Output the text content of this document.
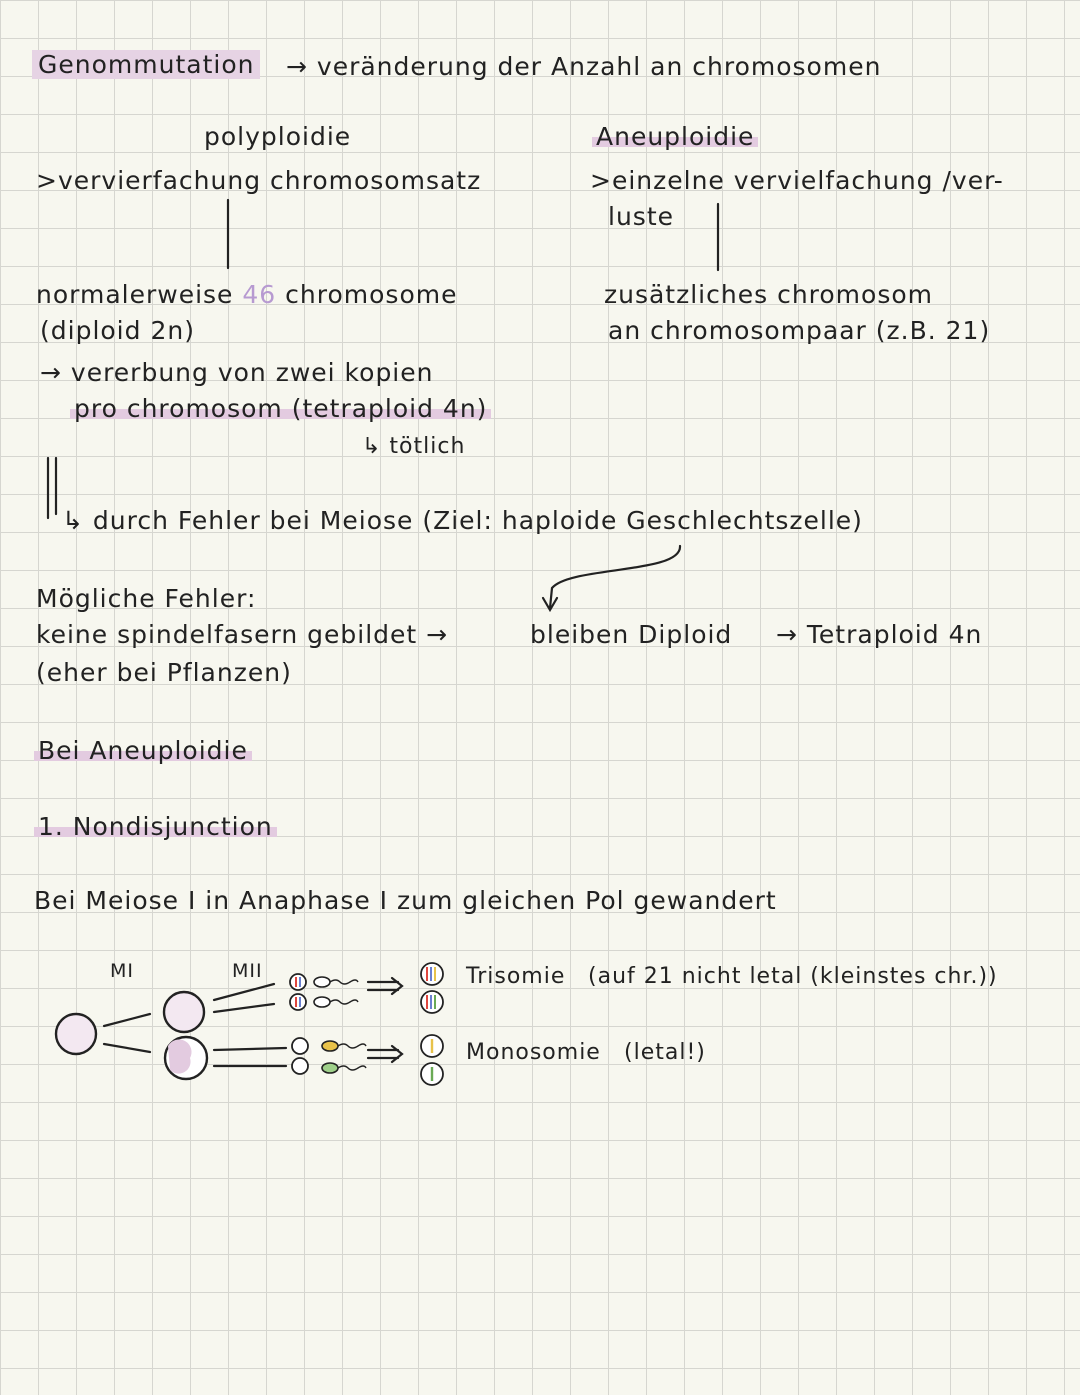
Genommutation → veränderung der Anzahl an chromosomen
polyploidie
>vervierfachung chromosomsatz
normalerweise 46 chromosome
(diploid 2n)
→ vererbung von zwei kopien
pro chromosom (tetraploid 4n)
↳ tötlich
Aneuploidie
>einzelne vervielfachung /ver-
luste
zusätzliches chromosom
an chromosompaar (z.B. 21)
↳ durch Fehler bei Meiose (Ziel: haploide Geschlechtszelle)
Mögliche Fehler:
keine spindelfasern gebildet →	bleiben Diploid → Tetraploid 4n
(eher bei Pflanzen)
Bei Aneuploidie
1. Nondisjunction
Bei Meiose I in Anaphase I zum gleichen Pol gewandert
MI	MII	Trisomie (auf 21 nicht letal (kleinstes chr.))
Monosomie (letal!)
